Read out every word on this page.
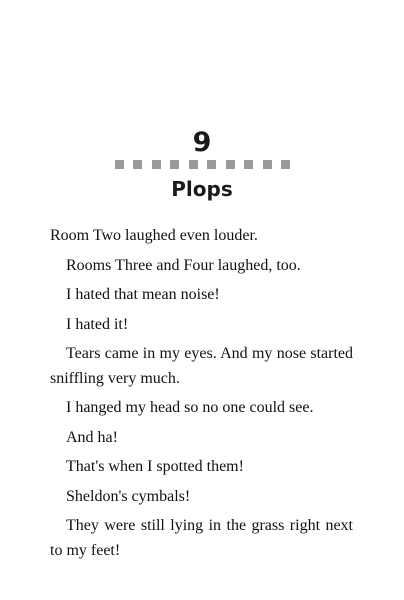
9
Plops

Room Two laughed even louder.

Rooms Three and Four laughed, too.

I hated that mean noise!

I hated it!

Tears came in my eyes. And my nose started sniffling very much.

I hanged my head so no one could see.

And ha!

That's when I spotted them!

Sheldon's cymbals!

They were still lying in the grass right next to my feet!
